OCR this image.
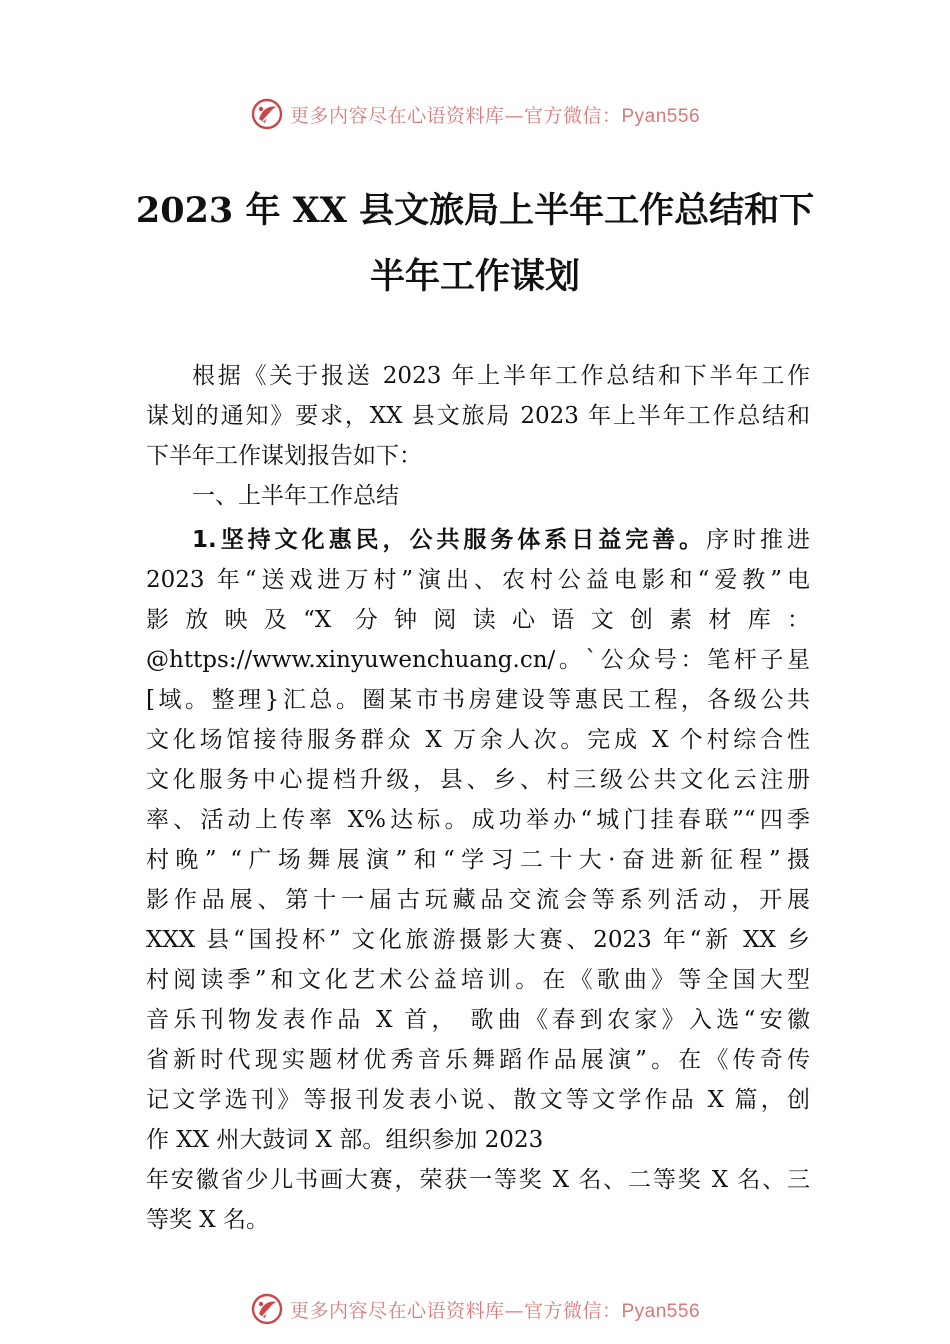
更多内容尽在心语资料库—官方微信：Pyan556
2023 年 XX 县文旅局上半年工作总结和下
半年工作谋划
根据《关于报送 2023 年上半年工作总结和下半年工作
谋划的通知》要求，XX 县文旅局 2023 年上半年工作总结和
下半年工作谋划报告如下：
一、上半年工作总结
1.坚持文化惠民，公共服务体系日益完善。序时推进
2023 年“送戏进万村”演出、农村公益电影和“爱教”电
影放映及“X 分钟阅读心语文创素材库：
@https://www.xinyuwenchuang.cn/。`公众号：笔杆子星
[域。整理}汇总。圈某市书房建设等惠民工程，各级公共
文化场馆接待服务群众 X 万余人次。完成 X 个村综合性
文化服务中心提档升级，县、乡、村三级公共文化云注册
率、活动上传率 X%达标。成功举办“城门挂春联”“四季
村晚” “广场舞展演”和“学习二十大·奋进新征程”摄
影作品展、第十一届古玩藏品交流会等系列活动，开展
XXX 县“国投杯” 文化旅游摄影大赛、2023 年“新 XX 乡
村阅读季”和文化艺术公益培训。在《歌曲》等全国大型
音乐刊物发表作品 X 首， 歌曲《春到农家》入选“安徽
省新时代现实题材优秀音乐舞蹈作品展演”。在《传奇传
记文学选刊》等报刊发表小说、散文等文学作品 X 篇，创
作 XX 州大鼓词 X 部。组织参加 2023
年安徽省少儿书画大赛，荣获一等奖 X 名、二等奖 X 名、三
等奖 X 名。
更多内容尽在心语资料库—官方微信：Pyan556
